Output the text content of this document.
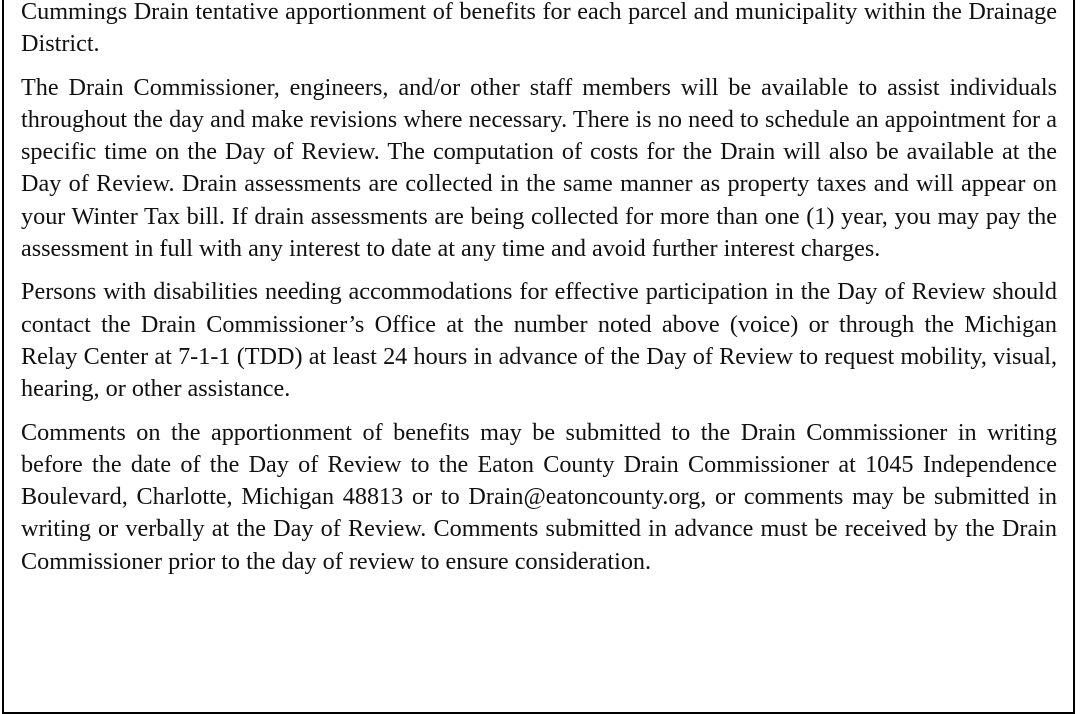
Cummings Drain tentative apportionment of benefits for each parcel and municipality within the Drainage District.

The Drain Commissioner, engineers, and/or other staff members will be available to assist individuals throughout the day and make revisions where necessary. There is no need to schedule an appointment for a specific time on the Day of Review. The computation of costs for the Drain will also be available at the Day of Review. Drain assessments are collected in the same manner as property taxes and will appear on your Winter Tax bill. If drain assessments are being collected for more than one (1) year, you may pay the assessment in full with any interest to date at any time and avoid further interest charges.

Persons with disabilities needing accommodations for effective participation in the Day of Review should contact the Drain Commissioner’s Office at the number noted above (voice) or through the Michigan Relay Center at 7-1-1 (TDD) at least 24 hours in advance of the Day of Review to request mobility, visual, hearing, or other assistance.

Comments on the apportionment of benefits may be submitted to the Drain Commissioner in writing before the date of the Day of Review to the Eaton County Drain Commissioner at 1045 Independence Boulevard, Charlotte, Michigan 48813 or to Drain@eatoncounty.org, or comments may be submitted in writing or verbally at the Day of Review. Comments submitted in advance must be received by the Drain Commissioner prior to the day of review to ensure consideration.
